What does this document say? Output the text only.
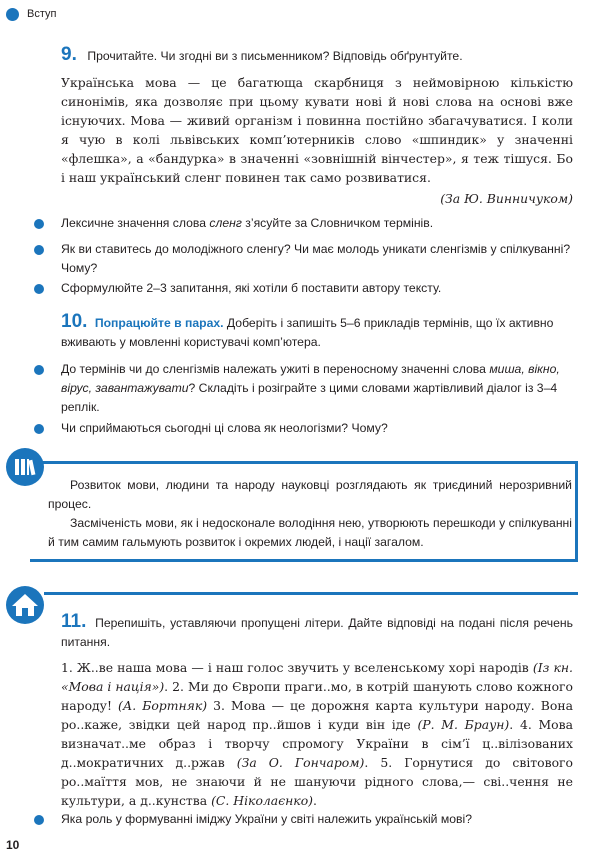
Вступ
9. Прочитайте. Чи згодні ви з письменником? Відповідь обґрунтуйте.

Українська мова — це багатюща скарбниця з неймовірною кількістю синонімів, яка дозволяє при цьому кувати нові й нові слова на основі вже існуючих. Мова — живий організм і повинна постійно збагачуватися. І коли я чую в колі львівських комп’ютерників слово «шпиндик» у значенні «флешка», а «бандурка» в значенні «зовнішній вінчестер», я теж тішуся. Бо і наш український сленг повинен так само розвиватися.

(За Ю. Винничуком)

Лексичне значення слова сленг з’ясуйте за Словничком термінів.

Як ви ставитесь до молодіжного сленгу? Чи має молодь уникати сленгізмів у спілкуванні? Чому?

Сформулюйте 2–3 запитання, які хотіли б поставити автору тексту.

10. Попрацюйте в парах. Доберіть і запишіть 5–6 прикладів термінів, що їх активно вживають у мовленні користувачі комп’ютера.

До термінів чи до сленгізмів належать ужиті в переносному значенні слова миша, вікно, вірус, завантажувати? Складіть і розіграйте з цими словами жартівливий діалог із 3–4 реплік.

Чи сприймаються сьогодні ці слова як неологізми? Чому?

Розвиток мови, людини та народу науковці розглядають як триєдиний нерозривний процес.

Засміченість мови, як і недосконале володіння нею, утворюють перешкоди у спілкуванні й тим самим гальмують розвиток і окремих людей, і нації загалом.

11. Перепишіть, уставляючи пропущені літери. Дайте відповіді на подані після речень питання.

1. Ж..ве наша мова — і наш голос звучить у вселенському хорі народів (Із кн. «Мова і нація»). 2. Ми до Європи праги..мо, в котрій шанують слово кожного народу! (А. Бортняк) 3. Мова — це дорожня карта культури народу. Вона ро..каже, звідки цей народ пр..йшов і куди він іде (Р. М. Браун). 4. Мова визначат..ме образ і творчу спромогу України в сім’ї ц..вілізованих д..мократичних д..ржав (За О. Гончаром). 5. Горнутися до світового ро..маїття мов, не знаючи й не шануючи рідного слова,— сві..чення не культури, а д..кунства (С. Ніколаєнко).

Яка роль у формуванні іміджу України у світі належить українській мові?

10
